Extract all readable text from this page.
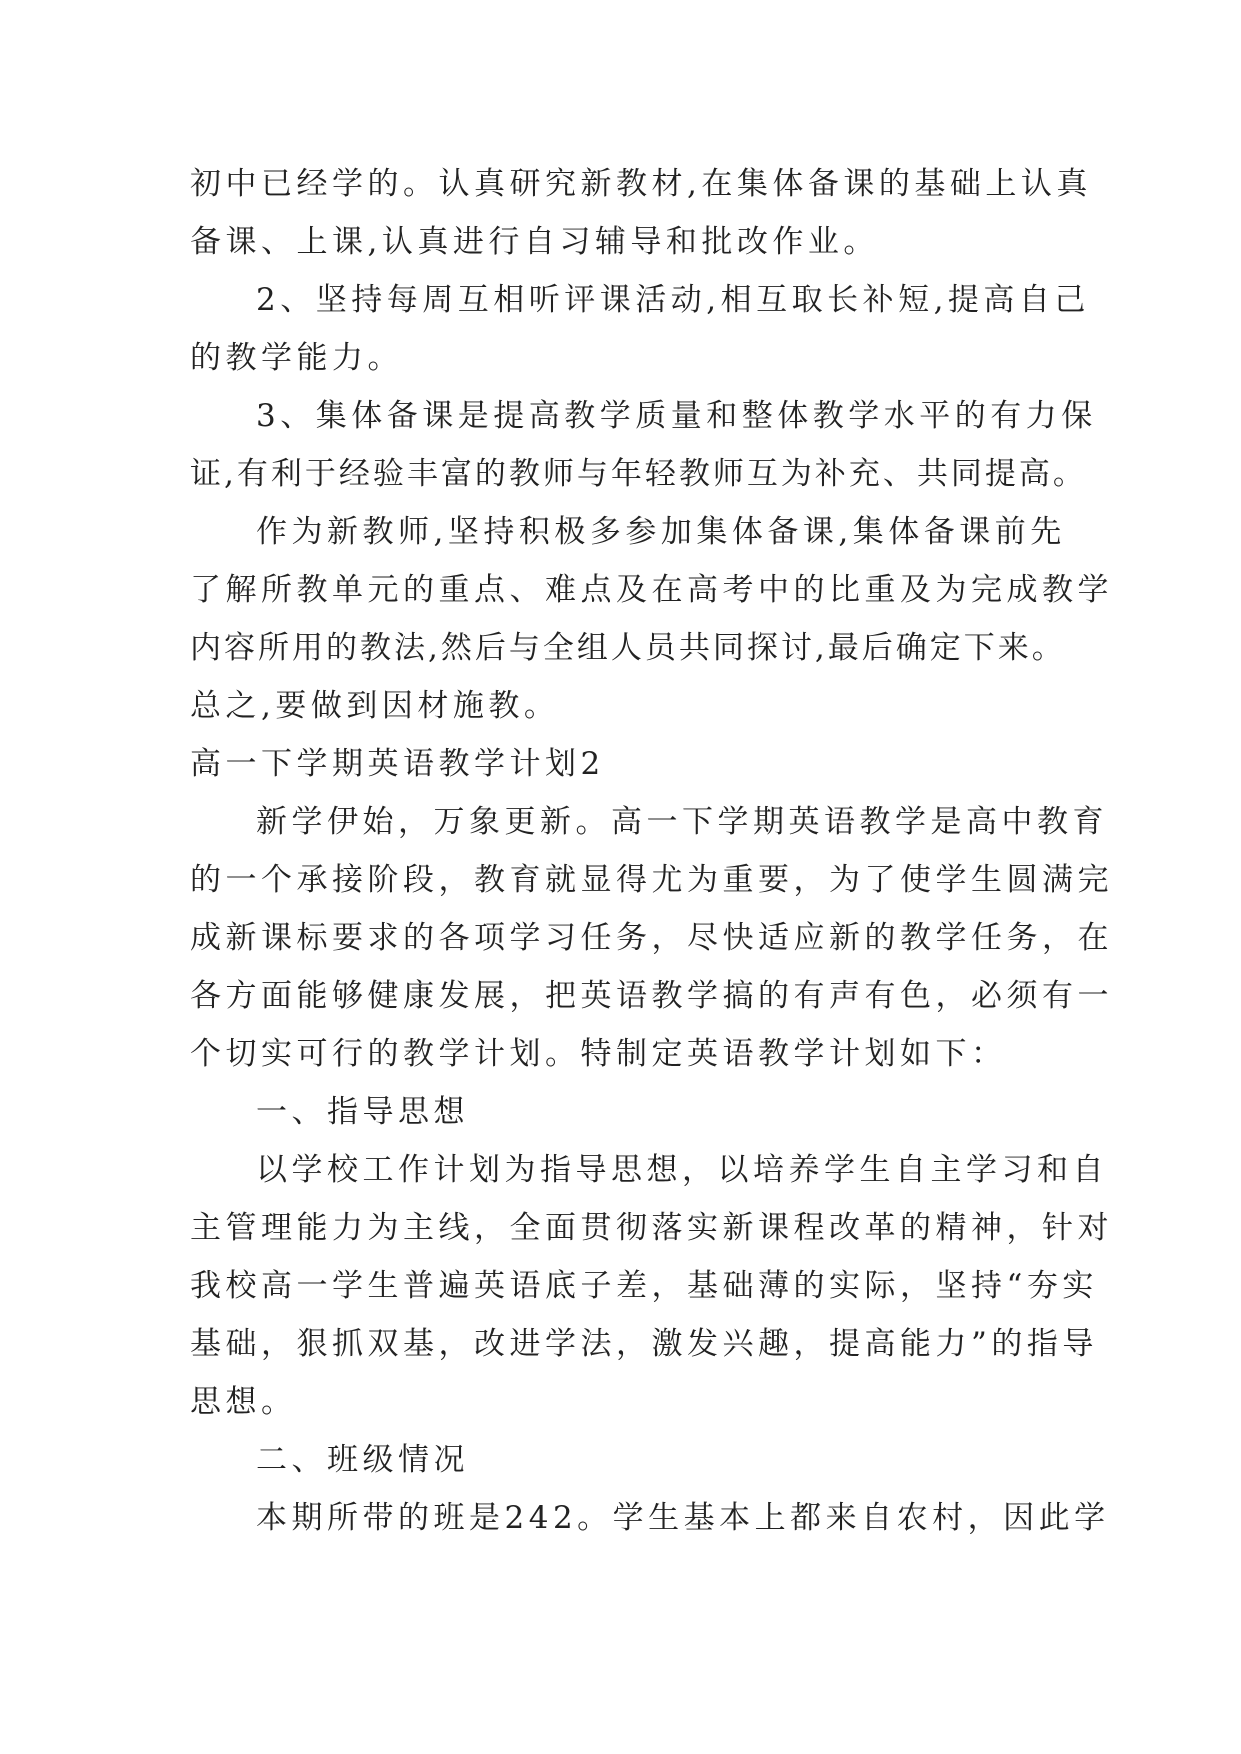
初中已经学的。认真研究新教材,在集体备课的基础上认真
备课、上课,认真进行自习辅导和批改作业。
2、坚持每周互相听评课活动,相互取长补短,提高自己
的教学能力。
3、集体备课是提高教学质量和整体教学水平的有力保
证,有利于经验丰富的教师与年轻教师互为补充、共同提高。
作为新教师,坚持积极多参加集体备课,集体备课前先
了解所教单元的重点、难点及在高考中的比重及为完成教学
内容所用的教法,然后与全组人员共同探讨,最后确定下来。
总之,要做到因材施教。
高一下学期英语教学计划2
新学伊始，万象更新。高一下学期英语教学是高中教育
的一个承接阶段，教育就显得尤为重要，为了使学生圆满完
成新课标要求的各项学习任务，尽快适应新的教学任务，在
各方面能够健康发展，把英语教学搞的有声有色，必须有一
个切实可行的教学计划。特制定英语教学计划如下：
一、指导思想
以学校工作计划为指导思想，以培养学生自主学习和自
主管理能力为主线，全面贯彻落实新课程改革的精神，针对
我校高一学生普遍英语底子差，基础薄的实际，坚持“夯实
基础，狠抓双基，改进学法，激发兴趣，提高能力”的指导
思想。
二、班级情况
本期所带的班是242。学生基本上都来自农村，因此学
